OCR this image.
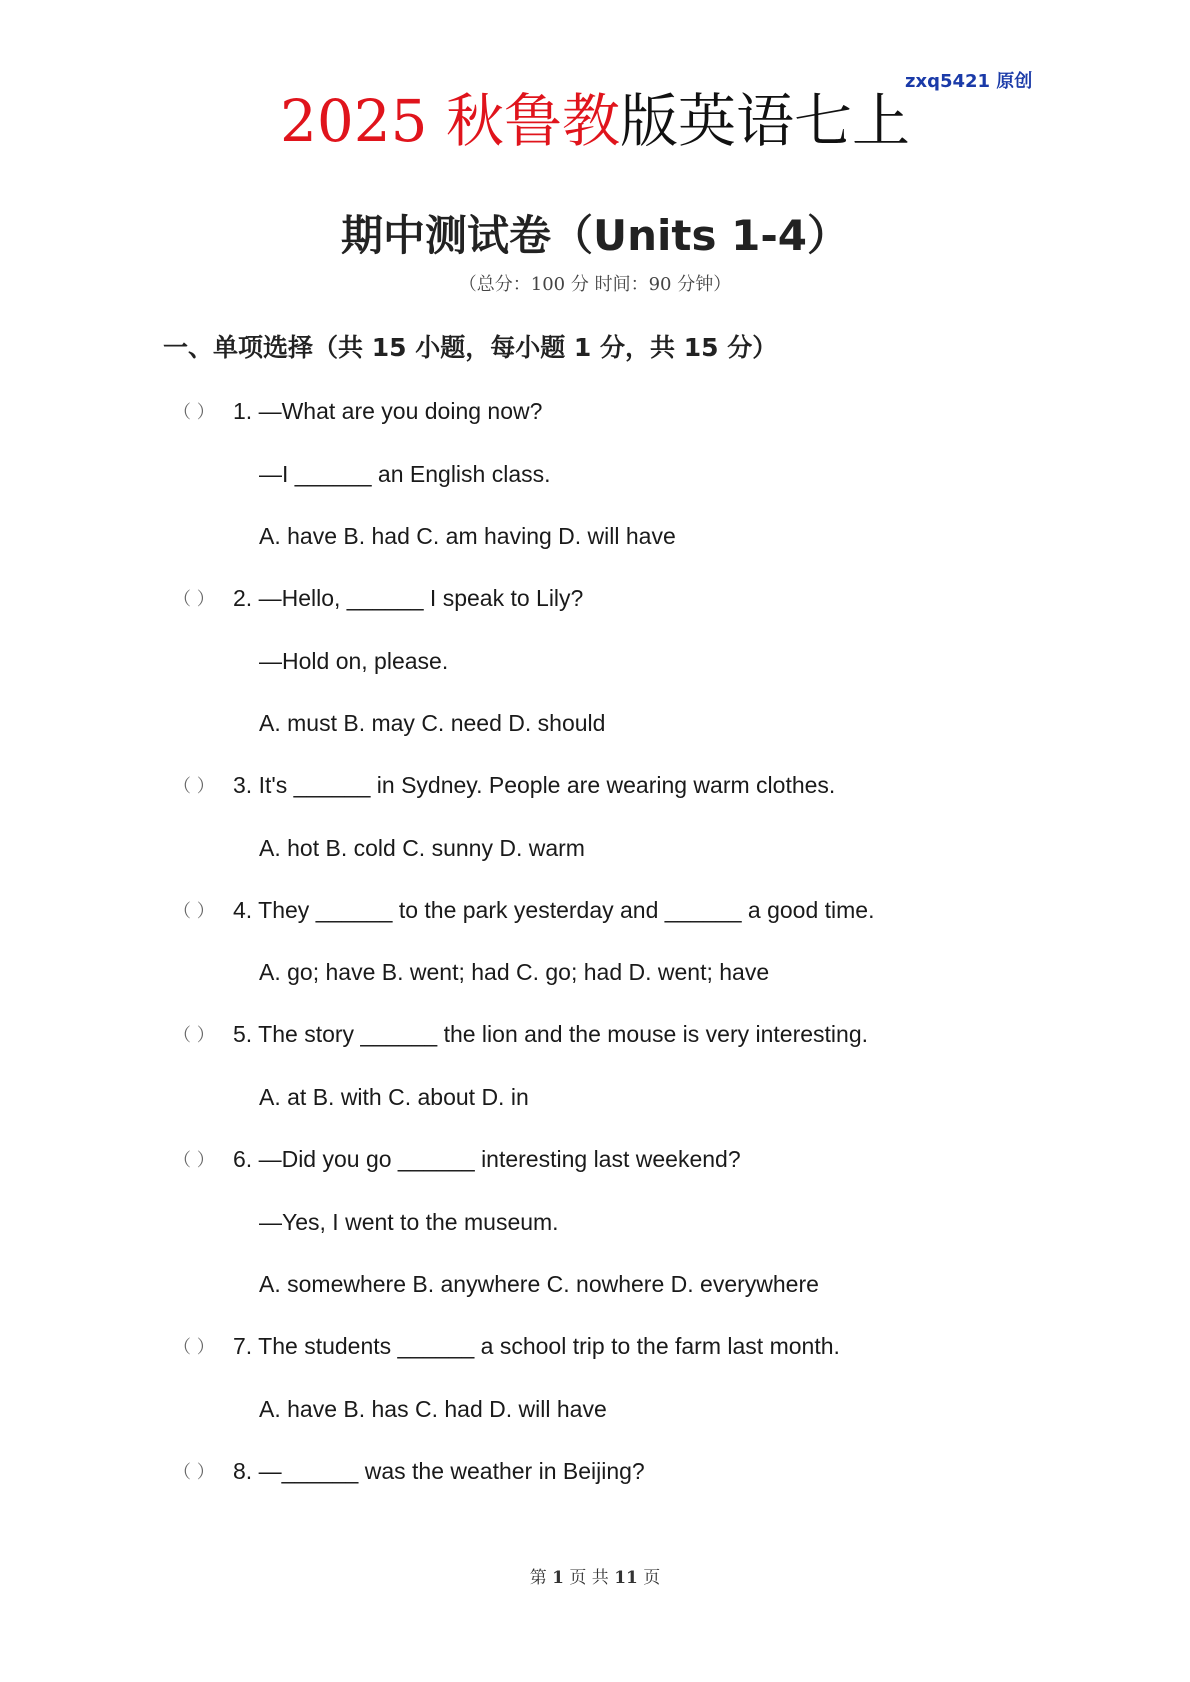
zxq5421 原创
2025 秋鲁教版英语七上
期中测试卷（Units 1-4）
（总分：100 分 时间：90 分钟）
一、单项选择（共 15 小题，每小题 1 分，共 15 分）
（ ） 1. —What are you doing now?
—I ______ an English class.
A. have B. had C. am having D. will have
（ ） 2. —Hello, ______ I speak to Lily?
—Hold on, please.
A. must B. may C. need D. should
（ ） 3. It's ______ in Sydney. People are wearing warm clothes.
A. hot B. cold C. sunny D. warm
（ ） 4. They ______ to the park yesterday and ______ a good time.
A. go; have B. went; had C. go; had D. went; have
（ ） 5. The story ______ the lion and the mouse is very interesting.
A. at B. with C. about D. in
（ ） 6. —Did you go ______ interesting last weekend?
—Yes, I went to the museum.
A. somewhere B. anywhere C. nowhere D. everywhere
（ ） 7. The students ______ a school trip to the farm last month.
A. have B. has C. had D. will have
（ ） 8. —______ was the weather in Beijing?
第 1 页 共 11 页
